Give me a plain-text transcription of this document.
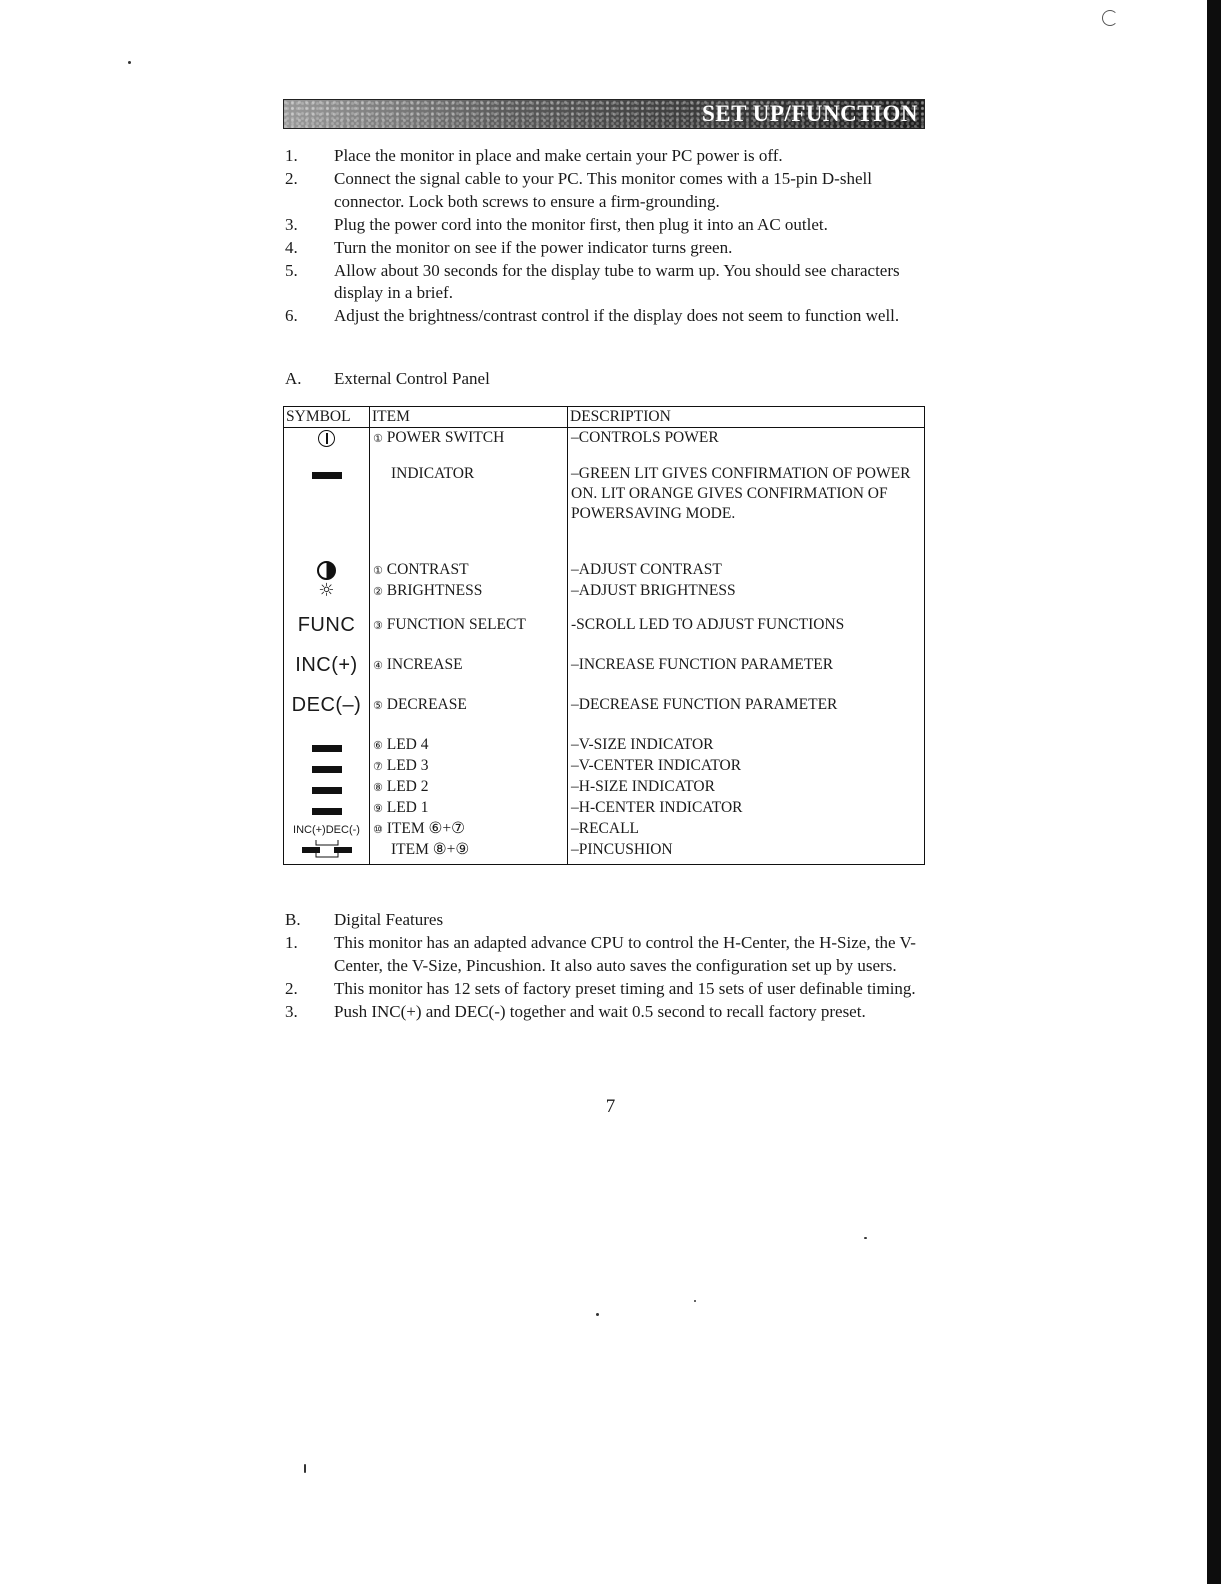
SET UP/FUNCTION
1.	Place the monitor in place and make certain your PC power is off.
2.	Connect the signal cable to your PC. This monitor comes with a 15-pin D-shell connector. Lock both screws to ensure a firm-grounding.
3.	Plug the power cord into the monitor first, then plug it into an AC outlet.
4.	Turn the monitor on see if the power indicator turns green.
5.	Allow about 30 seconds for the display tube to warm up. You should see characters display in a brief.
6.	Adjust the brightness/contrast control if the display does not seem to function well.
A.	External Control Panel
SYMBOL	ITEM	DESCRIPTION
	① POWER SWITCH	–CONTROLS POWER
	INDICATOR	–GREEN LIT GIVES CONFIRMATION OF POWER ON. LIT ORANGE GIVES CONFIRMATION OF POWERSAVING MODE.
	① CONTRAST	–ADJUST CONTRAST
☼	② BRIGHTNESS	–ADJUST BRIGHTNESS
FUNC	③ FUNCTION SELECT	-SCROLL LED TO ADJUST FUNCTIONS
INC(+)	④ INCREASE	–INCREASE FUNCTION PARAMETER
DEC(–)	⑤ DECREASE	–DECREASE FUNCTION PARAMETER
	⑥ LED 4	–V-SIZE INDICATOR
	⑦ LED 3	–V-CENTER INDICATOR
	⑧ LED 2	–H-SIZE INDICATOR
	⑨ LED 1	–H-CENTER INDICATOR
INC(+)DEC(-)	⑩ ITEM ⑥+⑦	–RECALL
	ITEM ⑧+⑨	–PINCUSHION
B.	Digital Features
1.	This monitor has an adapted advance CPU to control the H-Center, the H-Size, the V-Center, the V-Size, Pincushion. It also auto saves the configuration set up by users.
2.	This monitor has 12 sets of factory preset timing and 15 sets of user definable timing.
3.	Push INC(+) and DEC(-) together and wait 0.5 second to recall factory preset.
7
